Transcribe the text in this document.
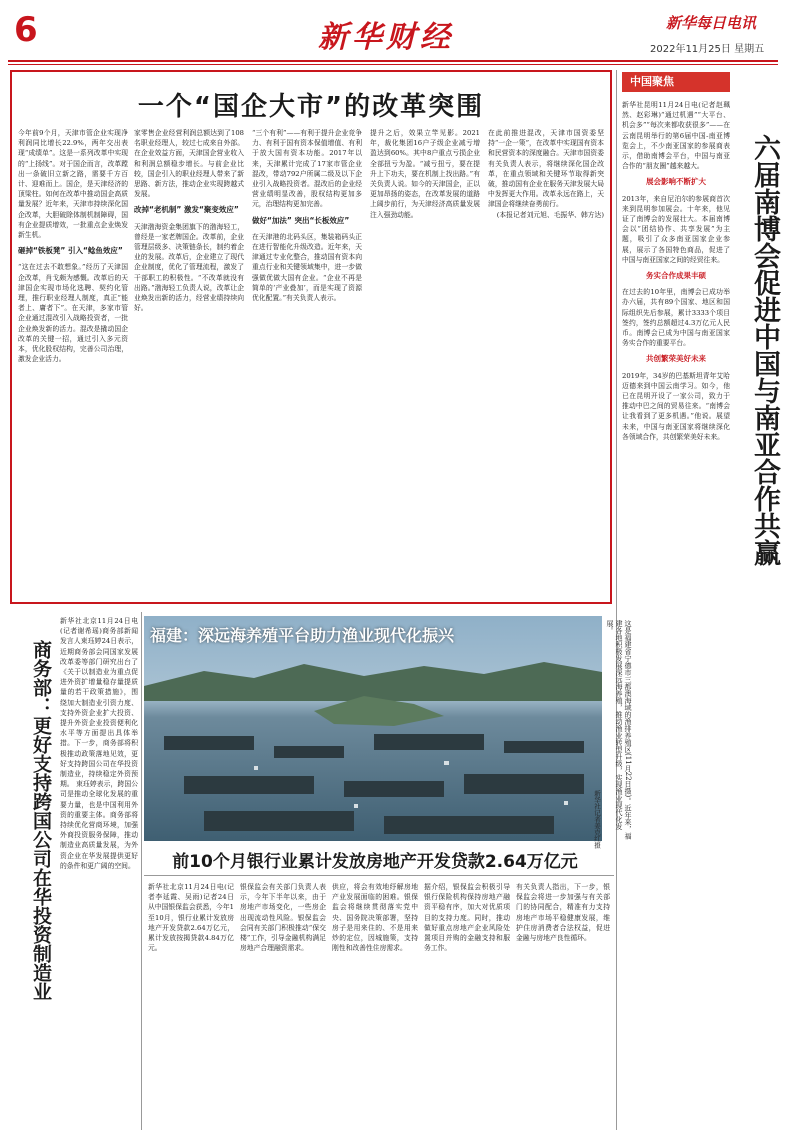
6	新华财经	新华每日电讯
2022年11月25日 星期五
一个“国企大市”的改革突围
今年前9个月，天津市管企业实现净利润同比增长22.9%，两年交出表现“成绩单”。这是一系列改革中实现的“上扬线”。对于国企而言，改革蹚出一条破旧立新之路，需要千方百计、迎难而上。国企，是天津经济的顶梁柱。如何在改革中推动国企高质量发展？近年来，天津市持续深化国企改革，大胆破除体制机制障碍，国有企业提质增效，一批重点企业焕发新生机。
砸掉“铁板凳” 引入“鲶鱼效应”
“这在过去不敢想象。”经历了天津国企改革，肖戈颇为感慨。改革后的天津国企实现市场化选聘、契约化管理，推行职业经理人制度，真正“能者上、庸者下”。在天津，多家市管企业通过混改引入战略投资者，一批企业焕发新的活力。混改是撬动国企改革的关键一招，通过引入多元资本，优化股权结构，完善公司治理，激发企业活力。
家零售企业经营利润总额达到了108名职业经理人，较过七成来自外部。在企业效益方面，天津国企营业收入和利润总额稳步增长。与前企业比较，国企引入的职业经理人带来了新思路、新方法，推动企业实现跨越式发展。
改掉“老机制” 激发“聚变效应”
天津渤海资金集团旗下的渤海轻工，曾经是一家老牌国企。改革前，企业管理层级多、决策链条长，制约着企业的发展。改革后，企业建立了现代企业制度，优化了管理流程，激发了干部职工的积极性。“不改革就没有出路。”渤海轻工负责人说，改革让企业焕发出新的活力，经营业绩持续向好。
“三个有利”——有利于提升企业竞争力、有利于国有资本保值增值、有利于放大国有资本功能。2017年以来，天津累计完成了17家市管企业混改，带动792户所属二级及以下企业引入战略投资者。混改后的企业经营业绩明显改善，股权结构更加多元，治理结构更加完善。
做好“加法” 突出“长板效应”
在天津港的北码头区，集装箱码头正在进行智能化升级改造。近年来，天津通过专业化整合，推动国有资本向重点行业和关键领域集中，进一步做强做优做大国有企业。“企业不再是简单的‘产业叠加’，而是实现了资源优化配置。”有关负责人表示。
提升之后，效果立竿见影。2021年，裁化集团16户子级企业减亏增盈达到60%。其中8户重点亏损企业全部扭亏为盈。“减亏扭亏，要在提升上下功夫，要在机制上找出路。”有关负责人说。如今的天津国企，正以更加昂扬的姿态，在改革发展的道路上阔步前行，为天津经济高质量发展注入强劲动能。
在此前推进混改，天津市国资委坚持“一企一策”，在改革中实现国有资本和民营资本的深度融合。天津市国资委有关负责人表示，将继续深化国企改革，在重点领域和关键环节取得新突破，推动国有企业在服务天津发展大局中发挥更大作用。改革永远在路上，天津国企将继续奋勇前行。
(本报记者刘元旭、毛振华、韩方达)
中国聚焦
六届南博会促进中国与南亚合作共赢
新华社昆明11月24日电(记者赵珮然、赵彩琳)“通过机遇”“大平台、机会多”“每次来都收获很多”——在云南昆明举行的第6届中国-南亚博览会上，不少南亚国家的参展商表示，借助南博会平台，中国与南亚合作的“朋友圈”越来越大。
展会影响不断扩大
2013年，来自尼泊尔的参展商首次来到昆明参加展会。十年来，他见证了南博会的发展壮大。本届南博会以“团结协作、共享发展”为主题，吸引了众多南亚国家企业参展，展示了各国特色商品，促进了中国与南亚国家之间的经贸往来。
务实合作成果丰硕
在过去的10年里，南博会已成功举办六届，共有89个国家、地区和国际组织先后参展，累计3333个项目签约，签约总额超过4.3万亿元人民币。南博会已成为中国与南亚国家务实合作的重要平台。
共创繁荣美好未来
2019年，34岁的巴基斯坦青年艾哈迈德来到中国云南学习。如今，他已在昆明开设了一家公司，致力于推动中巴之间的贸易往来。“南博会让我看到了更多机遇。”他说。展望未来，中国与南亚国家将继续深化各领域合作，共创繁荣美好未来。
商务部：更好支持跨国公司在华投资制造业
新华社北京11月24日电(记者谢希瑶)商务部新闻发言人束珏婷24日表示，近期商务部会同国家发展改革委等部门研究出台了《关于以制造业为重点促进外资扩增量稳存量提质量的若干政策措施》，围绕加大制造业引资力度、支持外资企业扩大投资、提升外资企业投资便利化水平等方面提出具体举措。下一步，商务部将积极推动政策落地见效，更好支持跨国公司在华投资制造业，持续稳定外资预期。 束珏婷表示，跨国公司是推动全球化发展的重要力量，也是中国利用外资的重要主体。商务部将持续优化营商环境，加强外商投资服务保障，推动制造业高质量发展，为外资企业在华发展提供更好的条件和更广阔的空间。
福建：深远海养殖平台助力渔业现代化振兴	这是福建省宁德市三都澳海域的渔排养殖区(11月22日摄)。近年来，福建各地积极发展深远海养殖，推动渔业转型升级，实现渔业现代化发展。
新华社记者姜克红摄
前10个月银行业累计发放房地产开发贷款2.64万亿元
新华社北京11月24日电(记者李延霞、吴雨)记者24日从中国银保监会获悉，今年1至10月，银行业累计发放房地产开发贷款2.64万亿元，累计发放按揭贷款4.84万亿元。
银保监会有关部门负责人表示，今年下半年以来，由于房地产市场变化，一些房企出现流动性风险。银保监会会同有关部门积极推动“保交楼”工作，引导金融机构满足房地产合理融资需求。
供应，将会有效地纾解房地产业发展面临的困难。银保监会将继续贯彻落实党中央、国务院决策部署，坚持房子是用来住的、不是用来炒的定位，因城施策，支持刚性和改善性住房需求。
据介绍，银保监会积极引导银行保险机构保持房地产融资平稳有序，加大对优质项目的支持力度。同时，推动做好重点房地产企业风险处置项目并购的金融支持和服务工作。
有关负责人指出，下一步，银保监会将进一步加强与有关部门的协同配合，精准有力支持房地产市场平稳健康发展，维护住房消费者合法权益，促进金融与房地产良性循环。
